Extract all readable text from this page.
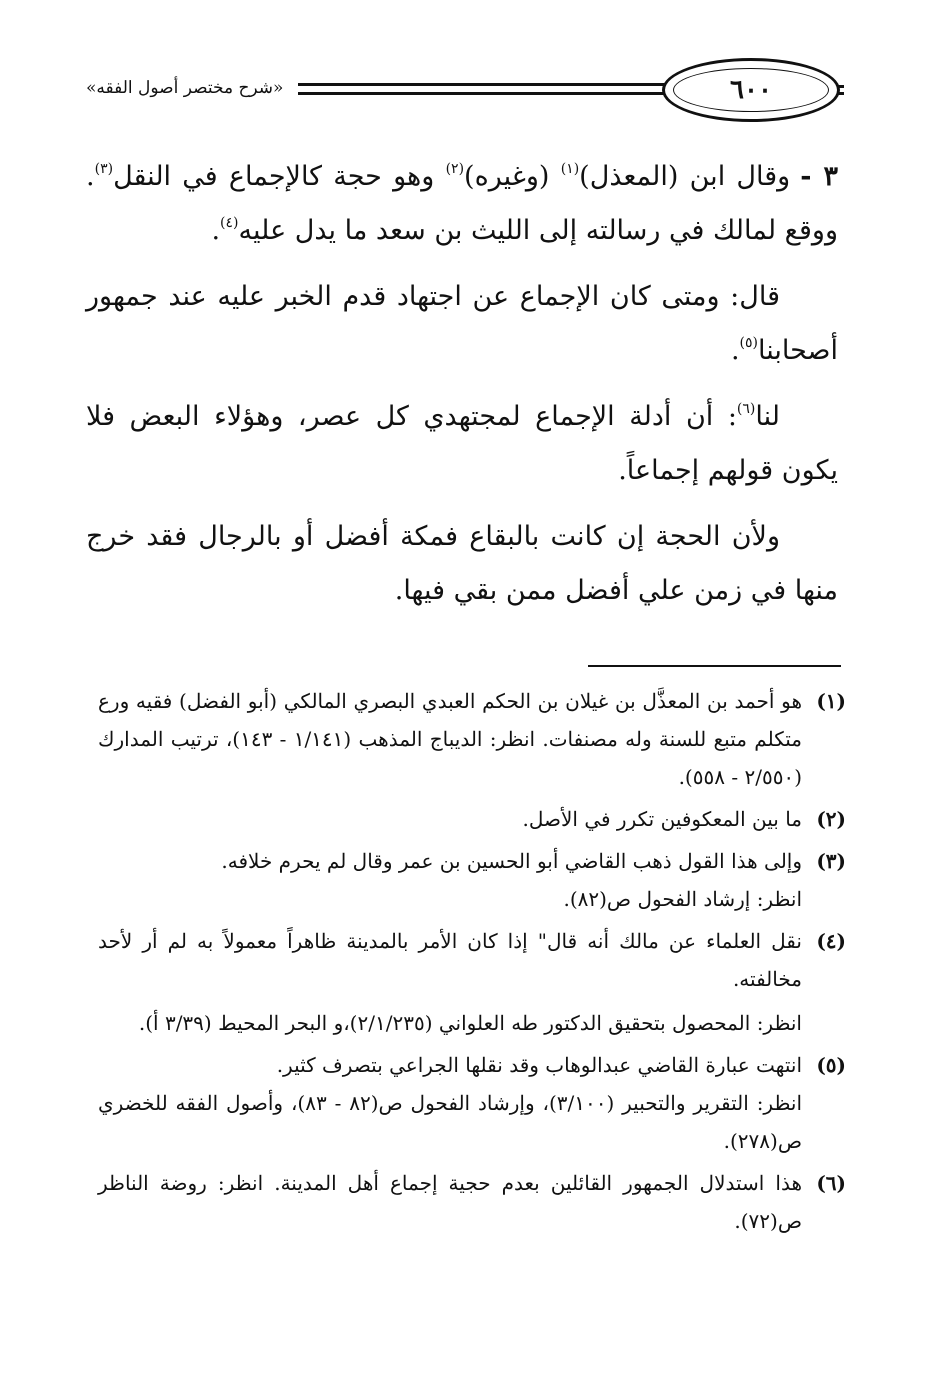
«شرح مختصر أصول الفقه»	٦٠٠

٣ -وقال ابن (المعذل)$^{(١)}$ (وغيره)$^{(٢)}$ وهو حجة كالإجماع في النقل$^{(٣)}$. ووقع لمالك في رسالته إلى الليث بن سعد ما يدل عليه$^{(٤)}$.

قال: ومتى كان الإجماع عن اجتهاد قدم الخبر عليه عند جمهور أصحابنا$^{(٥)}$.

لنا$^{(٦)}$: أن أدلة الإجماع لمجتهدي كل عصر، وهؤلاء البعض فلا يكون قولهم إجماعاً.

ولأن الحجة إن كانت بالبقاع فمكة أفضل أو بالرجال فقد خرج منها في زمن علي أفضل ممن بقي فيها.

(١)

هو أحمد بن المعذَّل بن غيلان بن الحكم العبدي البصري المالكي (أبو الفضل) فقيه ورع متكلم متبع للسنة وله مصنفات. انظر: الديباج المذهب (١/١٤١ - ١٤٣)، ترتيب المدارك (٢/٥٥٠ - ٥٥٨).

(٢)

ما بين المعكوفين تكرر في الأصل.

(٣)

وإلى هذا القول ذهب القاضي أبو الحسين بن عمر وقال لم يحرم خلافه.

انظر: إرشاد الفحول ص(٨٢).

(٤)

نقل العلماء عن مالك أنه قال" إذا كان الأمر بالمدينة ظاهراً معمولاً به لم أر لأحد مخالفته.

انظر: المحصول بتحقيق الدكتور طه العلواني (٢/١/٢٣٥)،و البحر المحيط (٣/٣٩ أ).

(٥)

انتهت عبارة القاضي عبدالوهاب وقد نقلها الجراعي بتصرف كثير.

انظر: التقرير والتحبير (٣/١٠٠)، وإرشاد الفحول ص(٨٢ - ٨٣)، وأصول الفقه للخضري ص(٢٧٨).

(٦)

هذا استدلال الجمهور القائلين بعدم حجية إجماع أهل المدينة. انظر: روضة الناظر ص(٧٢).
